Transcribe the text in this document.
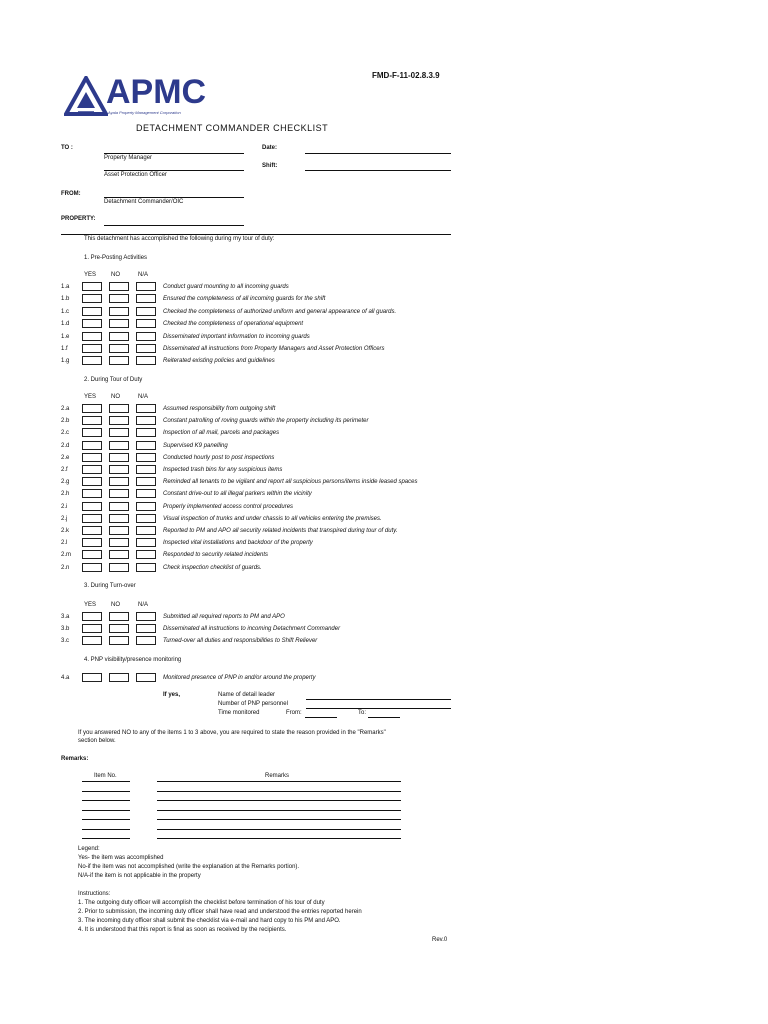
FMD-F-11-02.8.3.9
APMC
Ayala Property Management Corporation
DETACHMENT COMMANDER CHECKLIST
TO :
Property Manager
Asset Protection Officer
Date:
Shift:
FROM:
Detachment Commander/OIC
PROPERTY:
This detachment has accomplished the following during my tour of duty:
1. Pre-Posting Activities
YES NO	N/A
1.a	Conduct guard mounting to all incoming guards
1.b	Ensured the completeness of all incoming guards for the shift
1.c	Checked the completeness of authorized uniform and general appearance of all guards.
1.d	Checked the completeness of operational equipment
1.e	Disseminated important information to incoming guards
1.f	Disseminated all instructions from Property Managers and Asset Protection Officers
1.g	Reiterated existing policies and guidelines
2. During Tour of Duty
YES NO	N/A
2.a	Assumed responsibility from outgoing shift
2.b	Constant patrolling of roving guards within the property including its perimeter
2.c	Inspection of all mail, parcels and packages
2.d	Supervised K9 panelling
2.e	Conducted hourly post to post inspections
2.f	Inspected trash bins for any suspicious items
2.g	Reminded all tenants to be vigilant and report all suspicious persons/items inside leased spaces
2.h	Constant drive-out to all illegal parkers within the vicinity
2.i	Properly implemented access control procedures
2.j	Visual inspection of trunks and under chassis to all vehicles entering the premises.
2.k	Reported to PM and APO all security related incidents that transpired during tour of duty.
2.l	Inspected vital installations and backdoor of the property
2.m	Responded to security related incidents
2.n	Check inspection checklist of guards.
3. During Turn-over
YES NO	N/A
3.a	Submitted all required reports to PM and APO
3.b	Disseminated all instructions to incoming Detachment Commander
3.c	Turned-over all duties and responsibilities to Shift Reliever
4. PNP visibility/presence monitoring
4.a	Monitored presence of PNP in and/or around the property
If yes,	Name of detail leader
Number of PNP personnel
Time monitored	From:	To:
If you answered NO to any of the items 1 to 3 above, you are required to state the reason provided in the "Remarks"
section below.
Remarks:
Item No.	Remarks
Legend:
Yes- the item was accomplished
No-if the item was not accomplished (write the explanation at the Remarks portion).
N/A-if the item is not applicable in the property
Instructions:
1. The outgoing duty officer will accomplish the checklist before termination of his tour of duty
2. Prior to submission, the incoming duty officer shall have read and understood the entries reported herein
3. The incoming duty officer shall submit the checklist via e-mail and hard copy to his PM and APO.
4. It is understood that this report is final as soon as received by the recipients.
Rev.0
